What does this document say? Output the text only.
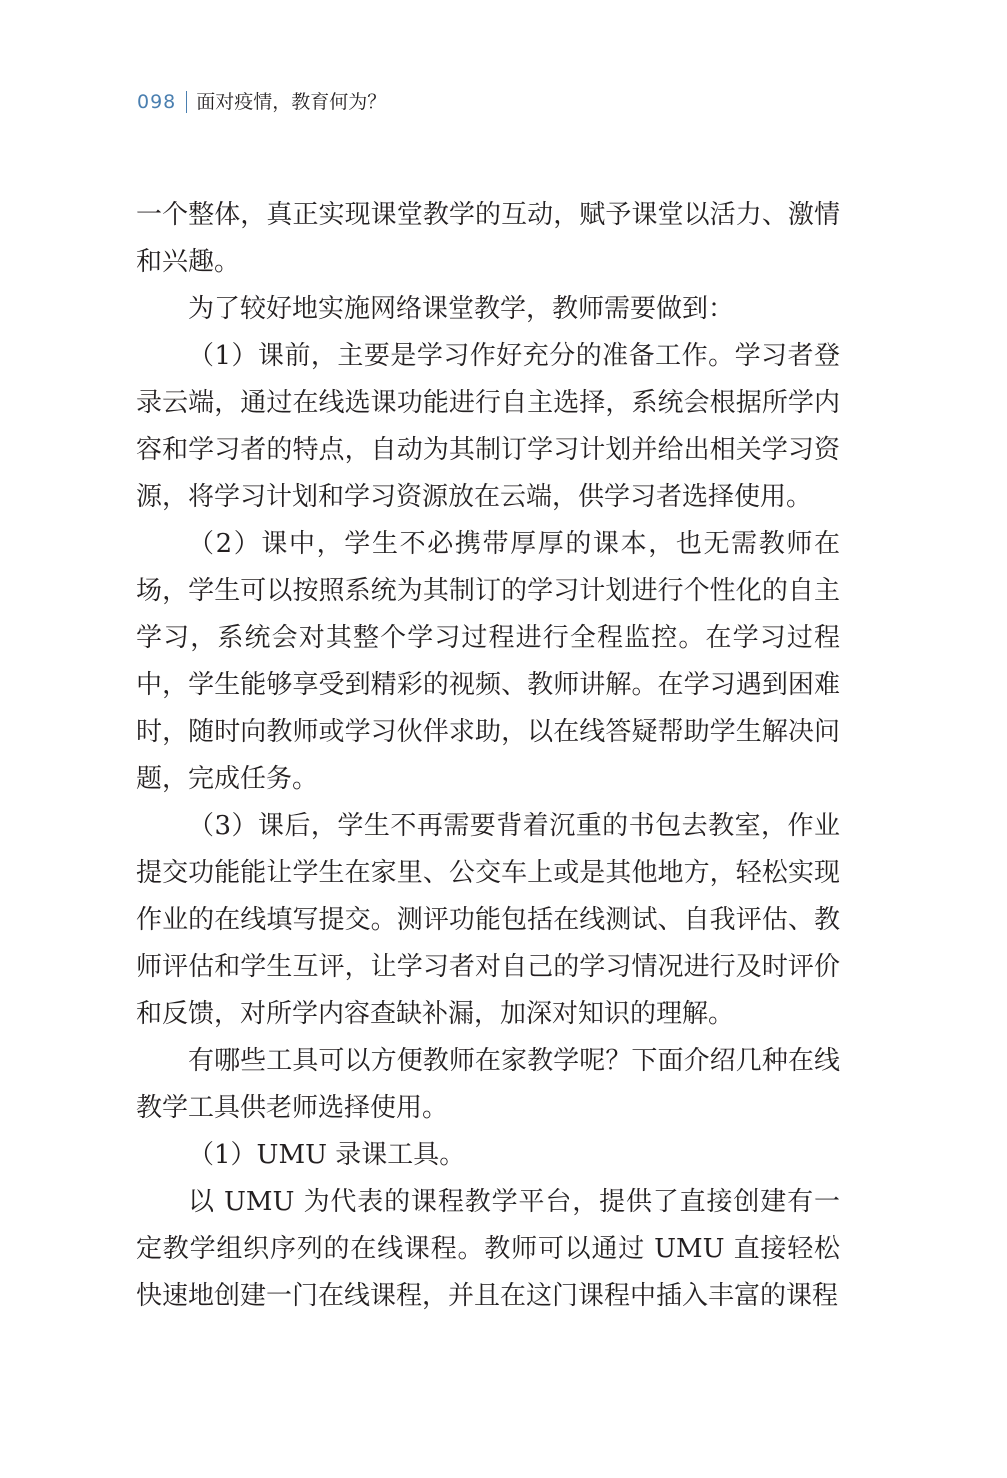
098 面对疫情，教育何为？

一个整体，真正实现课堂教学的互动，赋予课堂以活力、激情和兴趣。

为了较好地实施网络课堂教学，教师需要做到：

（1）课前，主要是学习作好充分的准备工作。学习者登录云端，通过在线选课功能进行自主选择，系统会根据所学内容和学习者的特点，自动为其制订学习计划并给出相关学习资源，将学习计划和学习资源放在云端，供学习者选择使用。

（2）课中，学生不必携带厚厚的课本，也无需教师在场，学生可以按照系统为其制订的学习计划进行个性化的自主学习，系统会对其整个学习过程进行全程监控。在学习过程中，学生能够享受到精彩的视频、教师讲解。在学习遇到困难时，随时向教师或学习伙伴求助，以在线答疑帮助学生解决问题，完成任务。

（3）课后，学生不再需要背着沉重的书包去教室，作业提交功能能让学生在家里、公交车上或是其他地方，轻松实现作业的在线填写提交。测评功能包括在线测试、自我评估、教师评估和学生互评，让学习者对自己的学习情况进行及时评价和反馈，对所学内容查缺补漏，加深对知识的理解。

有哪些工具可以方便教师在家教学呢？下面介绍几种在线教学工具供老师选择使用。

（1）UMU 录课工具。

以 UMU 为代表的课程教学平台，提供了直接创建有一定教学组织序列的在线课程。教师可以通过 UMU 直接轻松快速地创建一门在线课程，并且在这门课程中插入丰富的课程
